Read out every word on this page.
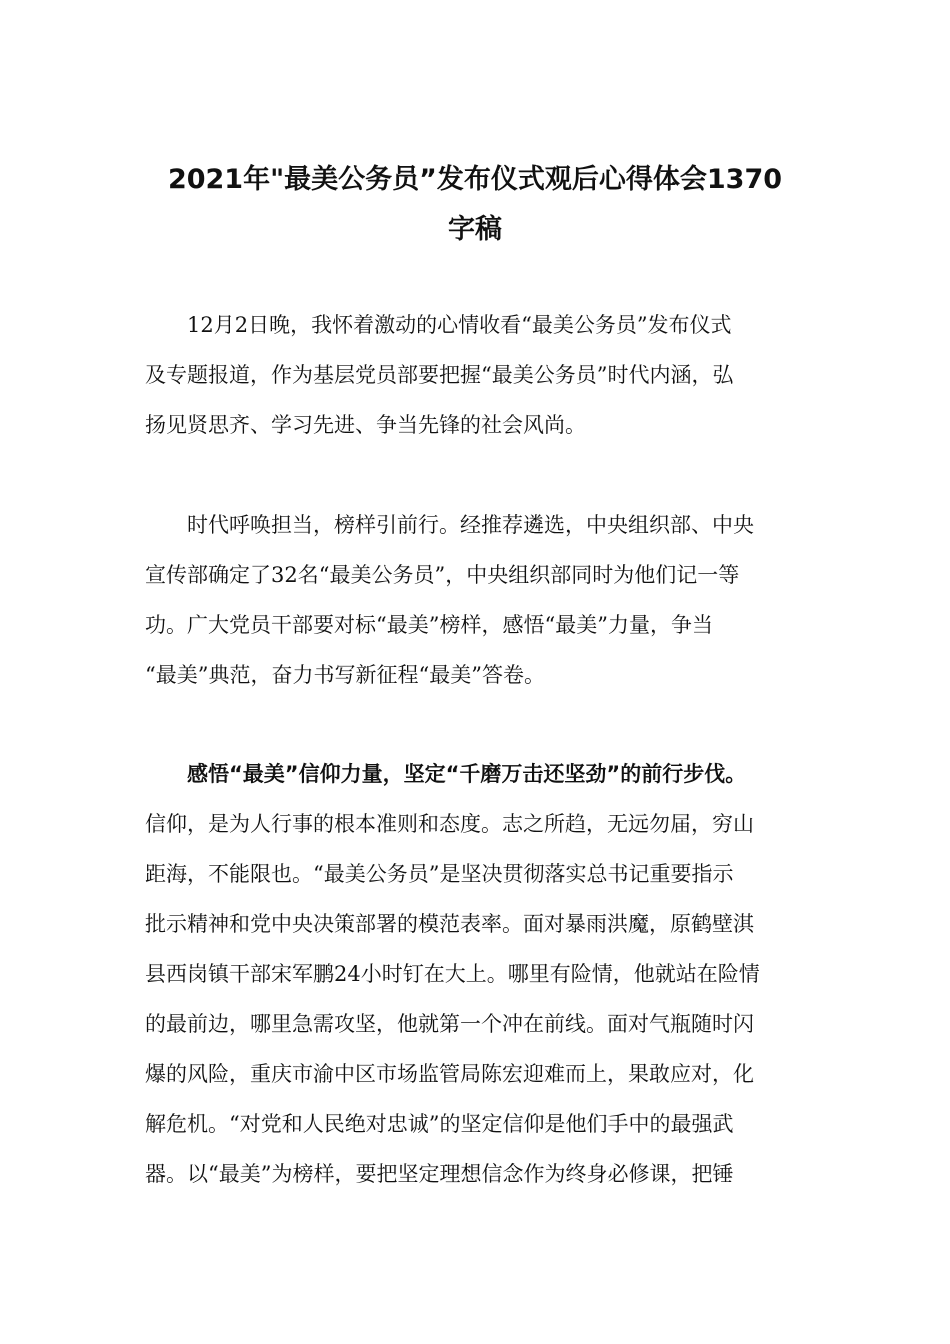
2021年"最美公务员”发布仪式观后心得体会1370
字稿

12月2日晚，我怀着激动的心情收看“最美公务员”发布仪式
及专题报道，作为基层党员部要把握“最美公务员”时代内涵，弘
扬见贤思齐、学习先进、争当先锋的社会风尚。

时代呼唤担当，榜样引前行。经推荐遴选，中央组织部、中央
宣传部确定了32名“最美公务员”，中央组织部同时为他们记一等
功。广大党员干部要对标“最美”榜样，感悟“最美”力量，争当
“最美”典范，奋力书写新征程“最美”答卷。

感悟“最美”信仰力量，坚定“千磨万击还坚劲”的前行步伐。
信仰，是为人行事的根本准则和态度。志之所趋，无远勿届，穷山
距海，不能限也。“最美公务员”是坚决贯彻落实总书记重要指示
批示精神和党中央决策部署的模范表率。面对暴雨洪魔，原鹤壁淇
县西岗镇干部宋军鹏24小时钉在大上。哪里有险情，他就站在险情
的最前边，哪里急需攻坚，他就第一个冲在前线。面对气瓶随时闪
爆的风险，重庆市渝中区市场监管局陈宏迎难而上，果敢应对，化
解危机。“对党和人民绝对忠诚”的坚定信仰是他们手中的最强武
器。以“最美”为榜样，要把坚定理想信念作为终身必修课，把锤
